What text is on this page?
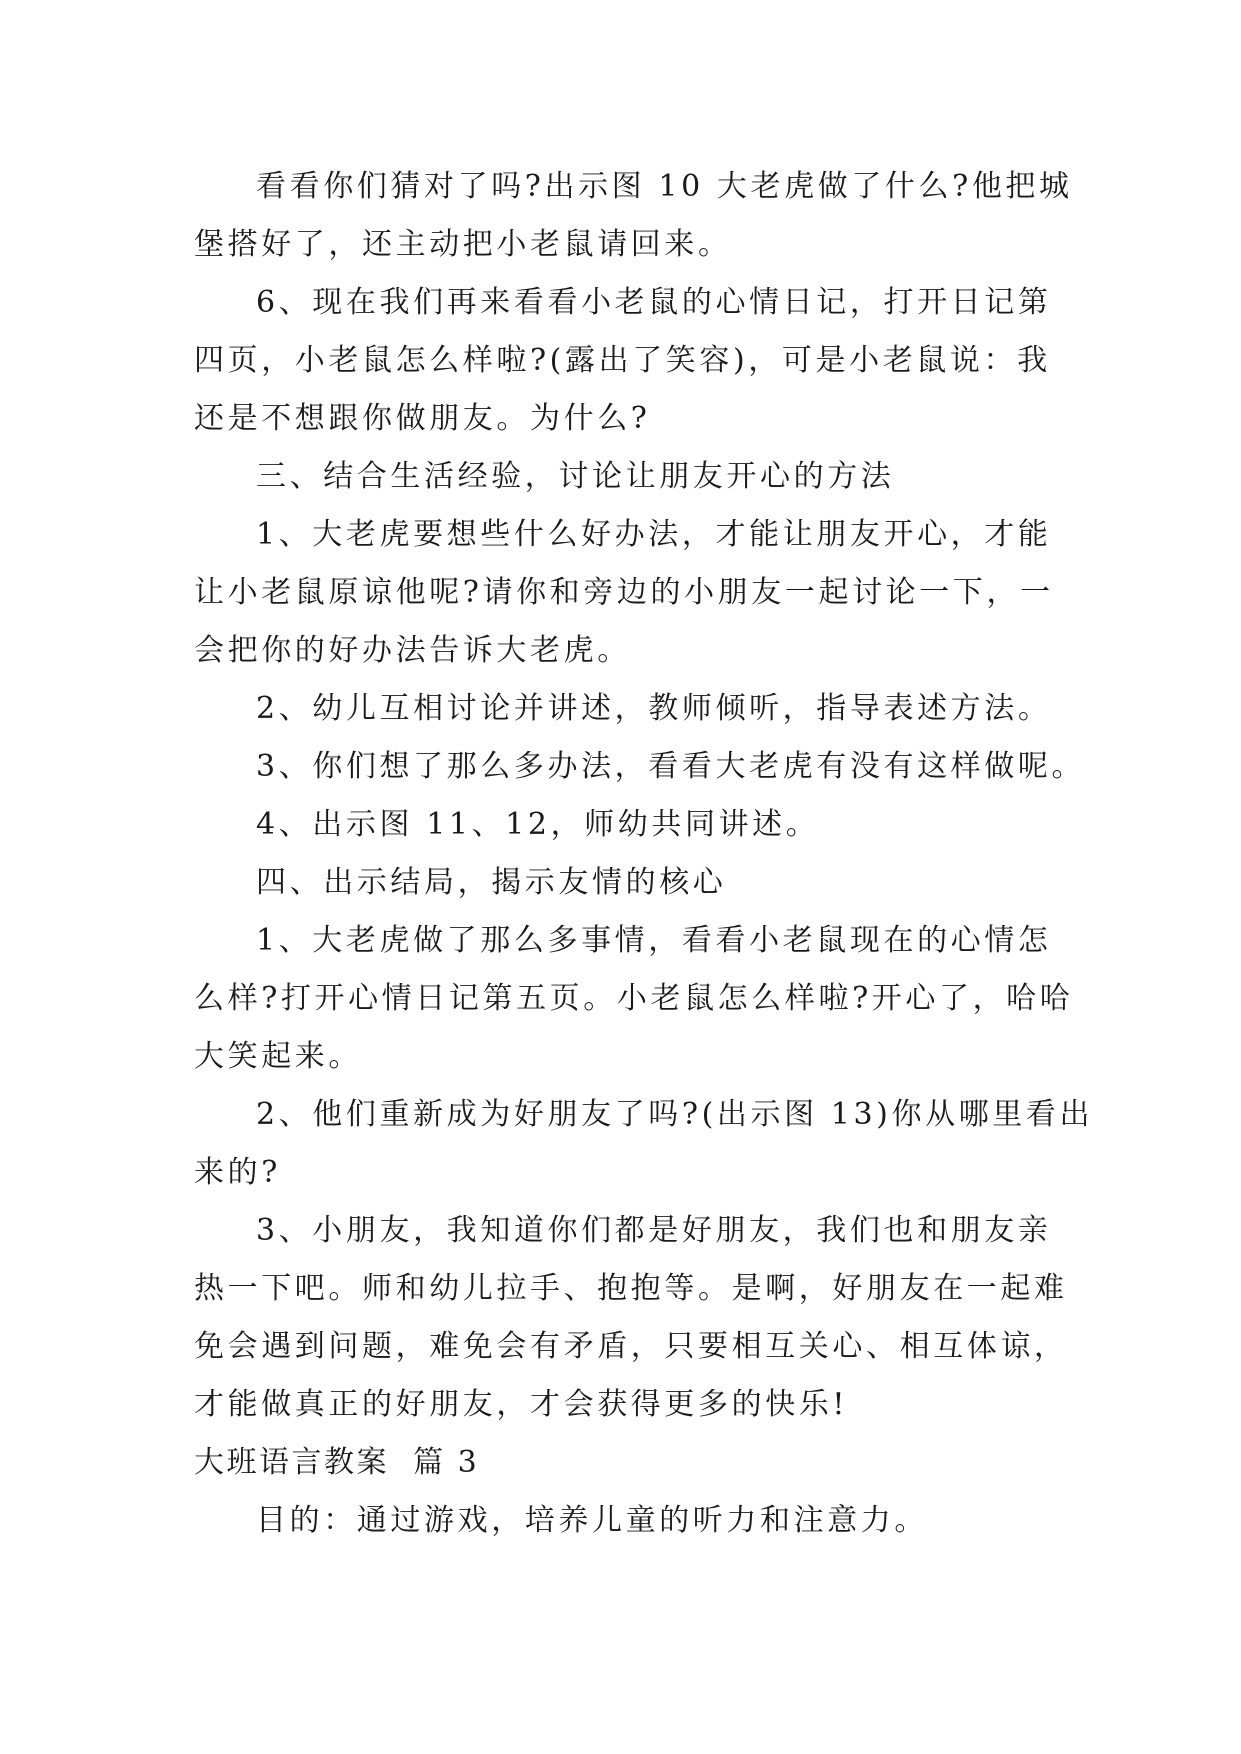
看看你们猜对了吗?出示图 10 大老虎做了什么?他把城
堡搭好了，还主动把小老鼠请回来。
6、现在我们再来看看小老鼠的心情日记，打开日记第
四页，小老鼠怎么样啦?(露出了笑容)，可是小老鼠说：我
还是不想跟你做朋友。为什么?
三、结合生活经验，讨论让朋友开心的方法
1、大老虎要想些什么好办法，才能让朋友开心，才能
让小老鼠原谅他呢?请你和旁边的小朋友一起讨论一下，一
会把你的好办法告诉大老虎。
2、幼儿互相讨论并讲述，教师倾听，指导表述方法。
3、你们想了那么多办法，看看大老虎有没有这样做呢。
4、出示图 11、12，师幼共同讲述。
四、出示结局，揭示友情的核心
1、大老虎做了那么多事情，看看小老鼠现在的心情怎
么样?打开心情日记第五页。小老鼠怎么样啦?开心了，哈哈
大笑起来。
2、他们重新成为好朋友了吗?(出示图 13)你从哪里看出
来的?
3、小朋友，我知道你们都是好朋友，我们也和朋友亲
热一下吧。师和幼儿拉手、抱抱等。是啊，好朋友在一起难
免会遇到问题，难免会有矛盾，只要相互关心、相互体谅，
才能做真正的好朋友，才会获得更多的快乐!
大班语言教案  篇 3
目的：通过游戏，培养儿童的听力和注意力。
